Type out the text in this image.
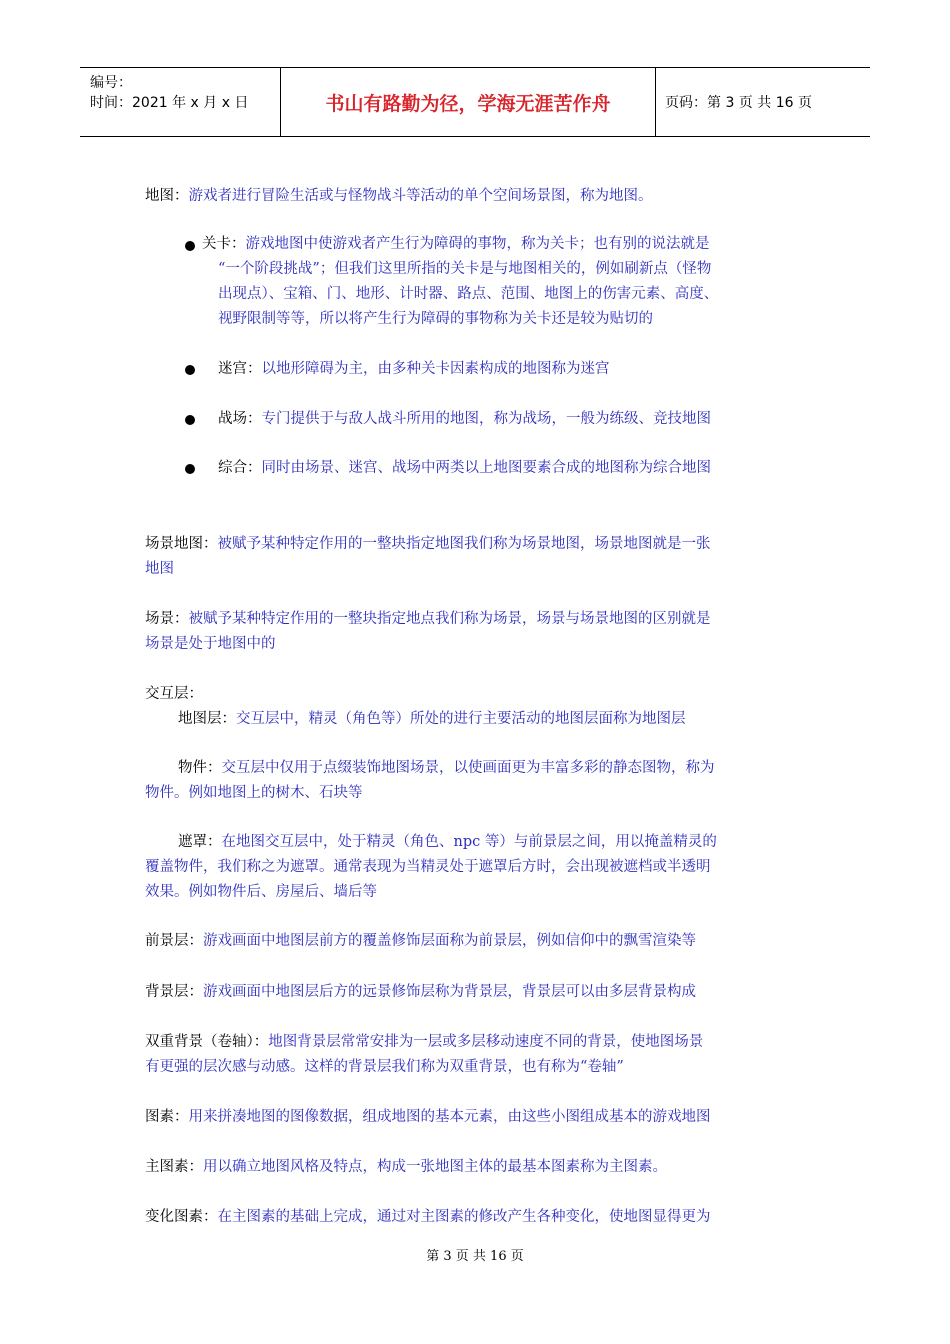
编号：
时间：2021 年 x 月 x 日	书山有路勤为径，学海无涯苦作舟	页码：第 3 页 共 16 页
地图：游戏者进行冒险生活或与怪物战斗等活动的单个空间场景图，称为地图。
关卡：游戏地图中使游戏者产生行为障碍的事物，称为关卡；也有别的说法就是
“一个阶段挑战”；但我们这里所指的关卡是与地图相关的，例如刷新点（怪物
出现点）、宝箱、门、地形、计时器、路点、范围、地图上的伤害元素、高度、
视野限制等等，所以将产生行为障碍的事物称为关卡还是较为贴切的
迷宫：以地形障碍为主，由多种关卡因素构成的地图称为迷宫
战场：专门提供于与敌人战斗所用的地图，称为战场，一般为练级、竞技地图
综合：同时由场景、迷宫、战场中两类以上地图要素合成的地图称为综合地图
场景地图：被赋予某种特定作用的一整块指定地图我们称为场景地图，场景地图就是一张
地图
场景：被赋予某种特定作用的一整块指定地点我们称为场景，场景与场景地图的区别就是
场景是处于地图中的
交互层：
地图层：交互层中，精灵（角色等）所处的进行主要活动的地图层面称为地图层
物件：交互层中仅用于点缀装饰地图场景，以使画面更为丰富多彩的静态图物，称为
物件。例如地图上的树木、石块等
遮罩：在地图交互层中，处于精灵（角色、npc 等）与前景层之间，用以掩盖精灵的
覆盖物件，我们称之为遮罩。通常表现为当精灵处于遮罩后方时，会出现被遮档或半透明
效果。例如物件后、房屋后、墙后等
前景层：游戏画面中地图层前方的覆盖修饰层面称为前景层，例如信仰中的飘雪渲染等
背景层：游戏画面中地图层后方的远景修饰层称为背景层，背景层可以由多层背景构成
双重背景（卷轴）：地图背景层常常安排为一层或多层移动速度不同的背景，使地图场景
有更强的层次感与动感。这样的背景层我们称为双重背景，也有称为“卷轴”
图素：用来拼凑地图的图像数据，组成地图的基本元素，由这些小图组成基本的游戏地图
主图素：用以确立地图风格及特点，构成一张地图主体的最基本图素称为主图素。
变化图素：在主图素的基础上完成，通过对主图素的修改产生各种变化，使地图显得更为
第 3 页 共 16 页
